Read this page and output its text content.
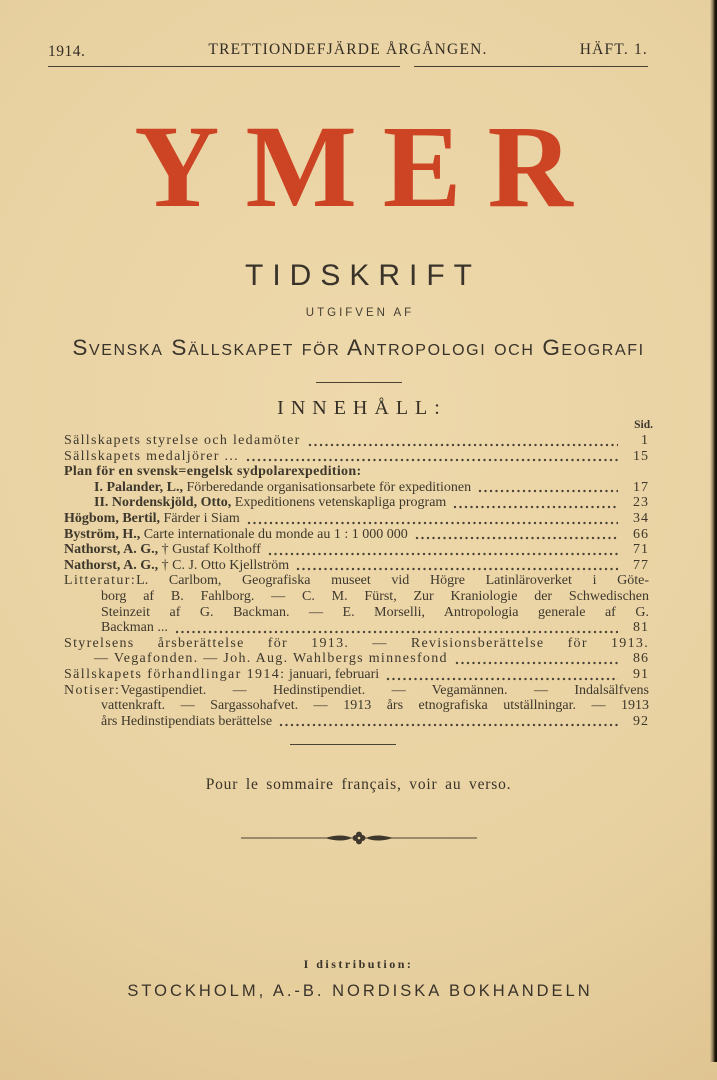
1914.	TRETTIONDEFJÄRDE ÅRGÅNGEN.	HÄFT. 1.
YMER
TIDSKRIFT
UTGIFVEN AF
Svenska Sällskapet för Antropologi och Geografi
INNEHÅLL:
Sid.
Sällskapets styrelse och ledamöter	1
Sällskapets medaljörer ...	15
Plan för en svensk=engelsk sydpolarexpedition:
I. Palander, L., Förberedande organisationsarbete för expeditionen	17
II. Nordenskjöld, Otto, Expeditionens vetenskapliga program	23
Högbom, Bertil, Färder i Siam	34
Byström, H., Carte internationale du monde au 1 : 1 000 000	66
Nathorst, A. G., † Gustaf Kolthoff	71
Nathorst, A. G., † C. J. Otto Kjellström	77
Litteratur: L. Carlbom, Geografiska museet vid Högre Latinläroverket i Göte-
borg af B. Fahlborg. — C. M. Fürst, Zur Kraniologie der Schwedischen
Steinzeit af G. Backman. — E. Morselli, Antropologia generale af G.
Backman ...	81
Styrelsens årsberättelse för 1913. — Revisionsberättelse för 1913.
— Vegafonden. — Joh. Aug. Wahlbergs minnesfond	86
Sällskapets förhandlingar 1914: januari, februari	91
Notiser: Vegastipendiet. — Hedinstipendiet. — Vegamännen. — Indalsälfvens
vattenkraft. — Sargassohafvet. — 1913 års etnografiska utställningar. — 1913
års Hedinstipendiats berättelse	92
Pour le sommaire français, voir au verso.
I distribution:
STOCKHOLM, A.-B. NORDISKA BOKHANDELN
